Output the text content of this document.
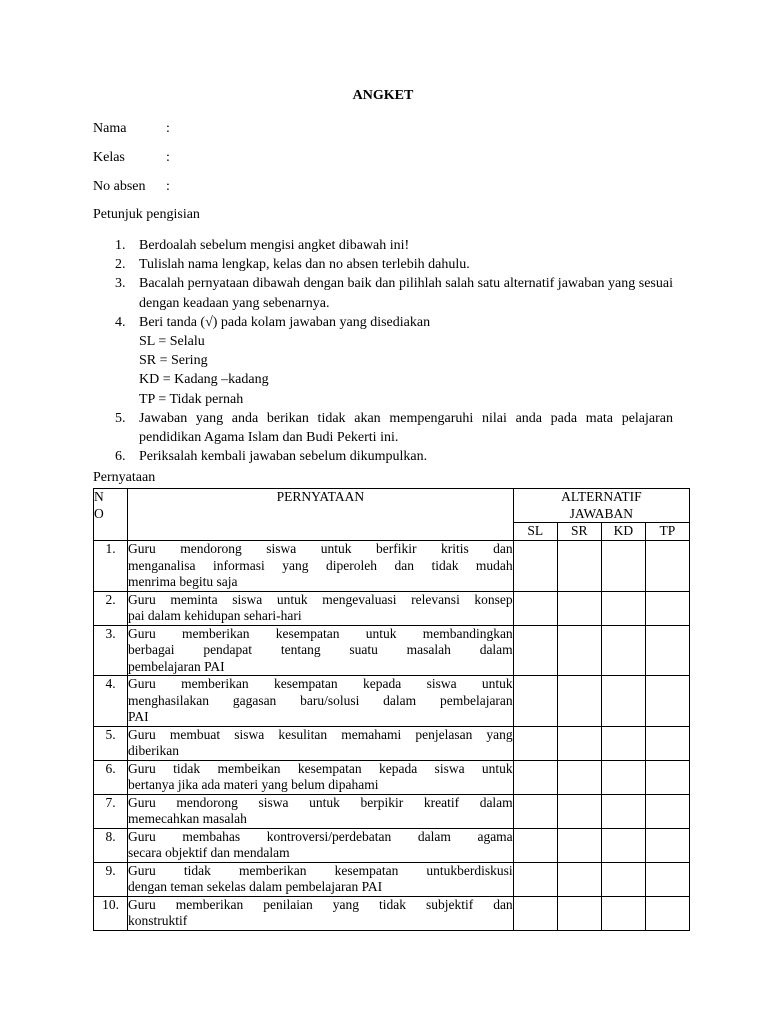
ANGKET
Nama	:
Kelas	:
No absen :
Petunjuk pengisian
1. Berdoalah sebelum mengisi angket dibawah ini!
2. Tulislah nama lengkap, kelas dan no absen terlebih dahulu.
3. Bacalah pernyataan dibawah dengan baik dan pilihlah salah satu alternatif jawaban yang sesuai dengan keadaan yang sebenarnya.
4. Beri tanda (√) pada kolam jawaban yang disediakan
SL = Selalu
SR = Sering
KD = Kadang –kadang
TP = Tidak pernah
5. Jawaban yang anda berikan tidak akan mempengaruhi nilai anda pada mata pelajaran pendidikan Agama Islam dan Budi Pekerti ini.
6. Periksalah kembali jawaban sebelum dikumpulkan.
Pernyataan
N
O	PERNYATAAN	ALTERNATIF
JAWABAN			
		SL	SR	KD	TP
1.	Guru mendorong siswa untuk berfikir kritis dan
menganalisa informasi yang diperoleh dan tidak mudah
menrima begitu saja				

2.	Guru meminta siswa untuk mengevaluasi relevansi konsep
pai dalam kehidupan sehari-hari				

3.	Guru memberikan kesempatan untuk membandingkan
berbagai pendapat tentang suatu masalah dalam
pembelajaran PAI				

4.	Guru memberikan kesempatan kepada siswa untuk
menghasilakan gagasan baru/solusi dalam pembelajaran
PAI				

5.	Guru membuat siswa kesulitan memahami penjelasan yang
diberikan				

6.	Guru tidak membeikan kesempatan kepada siswa untuk
bertanya jika ada materi yang belum dipahami				

7.	Guru mendorong siswa untuk berpikir kreatif dalam
memecahkan masalah				

8.	Guru membahas kontroversi/perdebatan dalam agama
secara objektif dan mendalam				

9.	Guru tidak memberikan kesempatan untukberdiskusi
dengan teman sekelas dalam pembelajaran PAI				

10.	Guru memberikan penilaian yang tidak subjektif dan
konstruktif				
